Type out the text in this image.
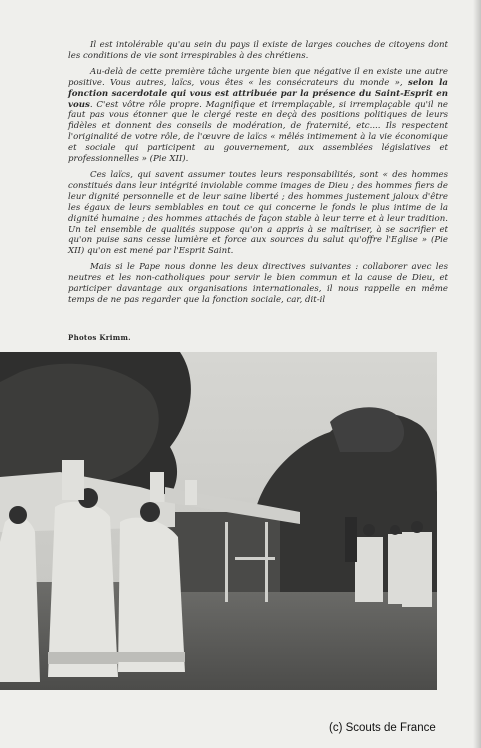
Il est intolérable qu'au sein du pays il existe de larges couches de citoyens dont les conditions de vie sont irrespirables à des chrétiens.

Au-delà de cette première tâche urgente bien que négative il en existe une autre positive. Vous autres, laïcs, vous êtes « les consécrateurs du monde », selon la fonction sacerdotale qui vous est attribuée par la présence du Saint-Esprit en vous. C'est vôtre rôle propre. Magnifique et irremplaçable, si irremplaçable qu'il ne faut pas vous étonner que le clergé reste en deçà des positions politiques de leurs fidèles et donnent des conseils de modération, de fraternité, etc.... Ils respectent l'originalité de votre rôle, de l'œuvre de laïcs « mêlés intimement à la vie économique et sociale qui participent au gouvernement, aux assemblées législatives et professionnelles » (Pie XII).

Ces laïcs, qui savent assumer toutes leurs responsabilités, sont « des hommes constitués dans leur intégrité inviolable comme images de Dieu ; des hommes fiers de leur dignité personnelle et de leur saine liberté ; des hommes justement jaloux d'être les égaux de leurs semblables en tout ce qui concerne le fonds le plus intime de la dignité humaine ; des hommes attachés de façon stable à leur terre et à leur tradition. Un tel ensemble de qualités suppose qu'on a appris à se maîtriser, à se sacrifier et qu'on puise sans cesse lumière et force aux sources du salut qu'offre l'Eglise » (Pie XII) qu'on est mené par l'Esprit Saint.

Mais si le Pape nous donne les deux directives suivantes : collaborer avec les neutres et les non-catholiques pour servir le bien commun et la cause de Dieu, et participer davantage aux organisations internationales, il nous rappelle en même temps de ne pas regarder que la fonction sociale, car, dit-il

Photos Krimm.
(c) Scouts de France
